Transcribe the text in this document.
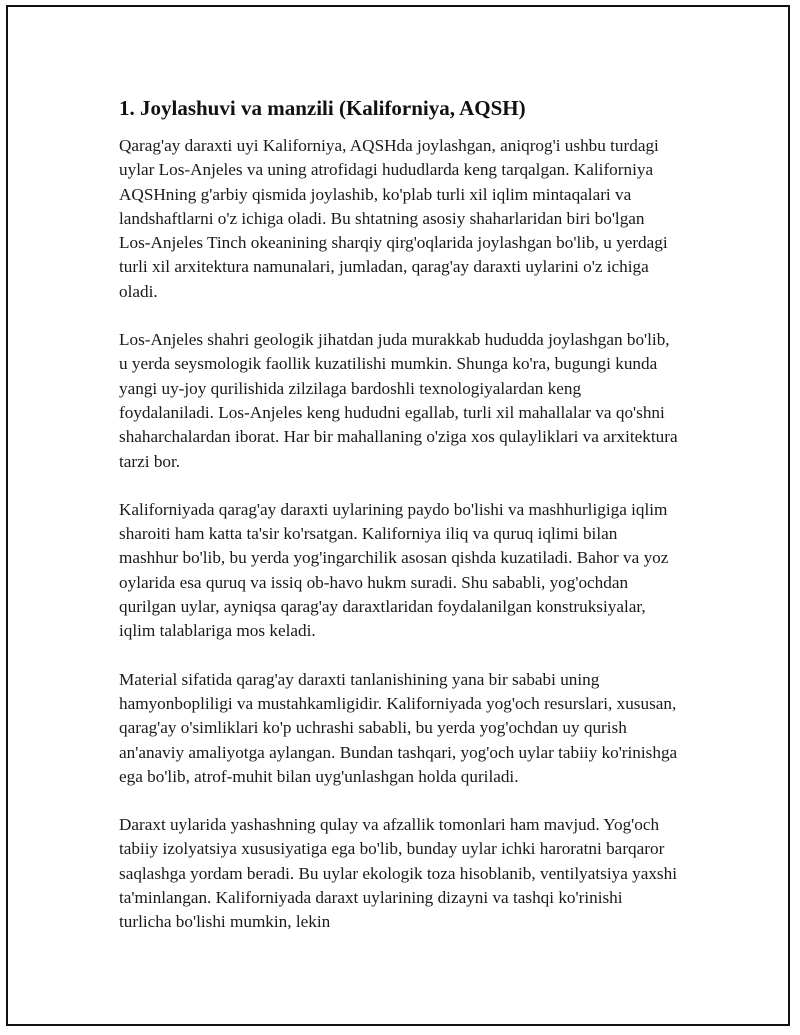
1. Joylashuvi va manzili (Kaliforniya, AQSH)

Qarag'ay daraxti uyi Kaliforniya, AQSHda joylashgan, aniqrog'i ushbu turdagi uylar Los-Anjeles va uning atrofidagi hududlarda keng tarqalgan. Kaliforniya AQSHning g'arbiy qismida joylashib, ko'plab turli xil iqlim mintaqalari va landshaftlarni o'z ichiga oladi. Bu shtatning asosiy shaharlaridan biri bo'lgan Los-Anjeles Tinch okeanining sharqiy qirg'oqlarida joylashgan bo'lib, u yerdagi turli xil arxitektura namunalari, jumladan, qarag'ay daraxti uylarini o'z ichiga oladi.

Los-Anjeles shahri geologik jihatdan juda murakkab hududda joylashgan bo'lib, u yerda seysmologik faollik kuzatilishi mumkin. Shunga ko'ra, bugungi kunda yangi uy-joy qurilishida zilzilaga bardoshli texnologiyalardan keng foydalaniladi. Los-Anjeles keng hududni egallab, turli xil mahallalar va qo'shni shaharchalardan iborat. Har bir mahallaning o'ziga xos qulayliklari va arxitektura tarzi bor.

Kaliforniyada qarag'ay daraxti uylarining paydo bo'lishi va mashhurligiga iqlim sharoiti ham katta ta'sir ko'rsatgan. Kaliforniya iliq va quruq iqlimi bilan mashhur bo'lib, bu yerda yog'ingarchilik asosan qishda kuzatiladi. Bahor va yoz oylarida esa quruq va issiq ob-havo hukm suradi. Shu sababli, yog'ochdan qurilgan uylar, ayniqsa qarag'ay daraxtlaridan foydalanilgan konstruksiyalar, iqlim talablariga mos keladi.

Material sifatida qarag'ay daraxti tanlanishining yana bir sababi uning hamyonbopliligi va mustahkamligidir. Kaliforniyada yog'och resurslari, xususan, qarag'ay o'simliklari ko'p uchrashi sababli, bu yerda yog'ochdan uy qurish an'anaviy amaliyotga aylangan. Bundan tashqari, yog'och uylar tabiiy ko'rinishga ega bo'lib, atrof-muhit bilan uyg'unlashgan holda quriladi.

Daraxt uylarida yashashning qulay va afzallik tomonlari ham mavjud. Yog'och tabiiy izolyatsiya xususiyatiga ega bo'lib, bunday uylar ichki haroratni barqaror saqlashga yordam beradi. Bu uylar ekologik toza hisoblanib, ventilyatsiya yaxshi ta'minlangan. Kaliforniyada daraxt uylarining dizayni va tashqi ko'rinishi turlicha bo'lishi mumkin, lekin
